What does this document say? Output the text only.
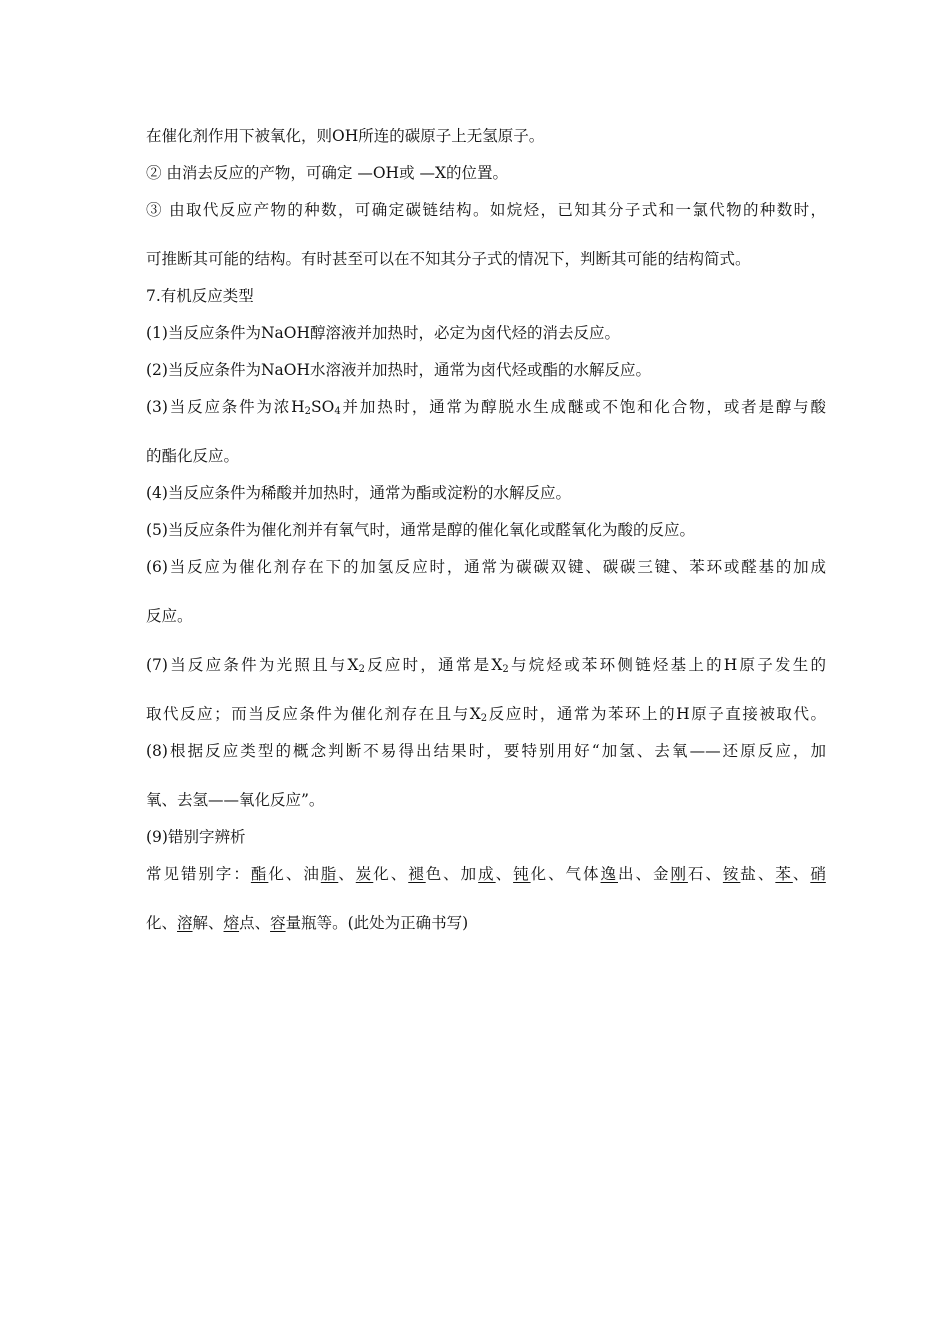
在催化剂作用下被氧化，则OH所连的碳原子上无氢原子。

② 由消去反应的产物，可确定 —OH或 —X的位置。

③ 由取代反应产物的种数，可确定碳链结构。如烷烃，已知其分子式和一氯代物的种数时，

可推断其可能的结构。有时甚至可以在不知其分子式的情况下，判断其可能的结构简式。

7.有机反应类型

(1)当反应条件为NaOH醇溶液并加热时，必定为卤代烃的消去反应。

(2)当反应条件为NaOH水溶液并加热时，通常为卤代烃或酯的水解反应。

(3)当反应条件为浓$H_2SO_4$并加热时，通常为醇脱水生成醚或不饱和化合物，或者是醇与酸

的酯化反应。

(4)当反应条件为稀酸并加热时，通常为酯或淀粉的水解反应。

(5)当反应条件为催化剂并有氧气时，通常是醇的催化氧化或醛氧化为酸的反应。

(6)当反应为催化剂存在下的加氢反应时，通常为碳碳双键、碳碳三键、苯环或醛基的加成

反应。

(7)当反应条件为光照且与$X_2$反应时，通常是$X_2$与烷烃或苯环侧链烃基上的H原子发生的

取代反应；而当反应条件为催化剂存在且与$X_2$反应时，通常为苯环上的H原子直接被取代。

(8)根据反应类型的概念判断不易得出结果时，要特别用好“加氢、去氧——还原反应，加

氧、去氢——氧化反应”。

(9)错别字辨析

常见错别字：酯化、油脂、炭化、褪色、加成、钝化、气体逸出、金刚石、铵盐、苯、硝

化、溶解、熔点、容量瓶等。(此处为正确书写)
